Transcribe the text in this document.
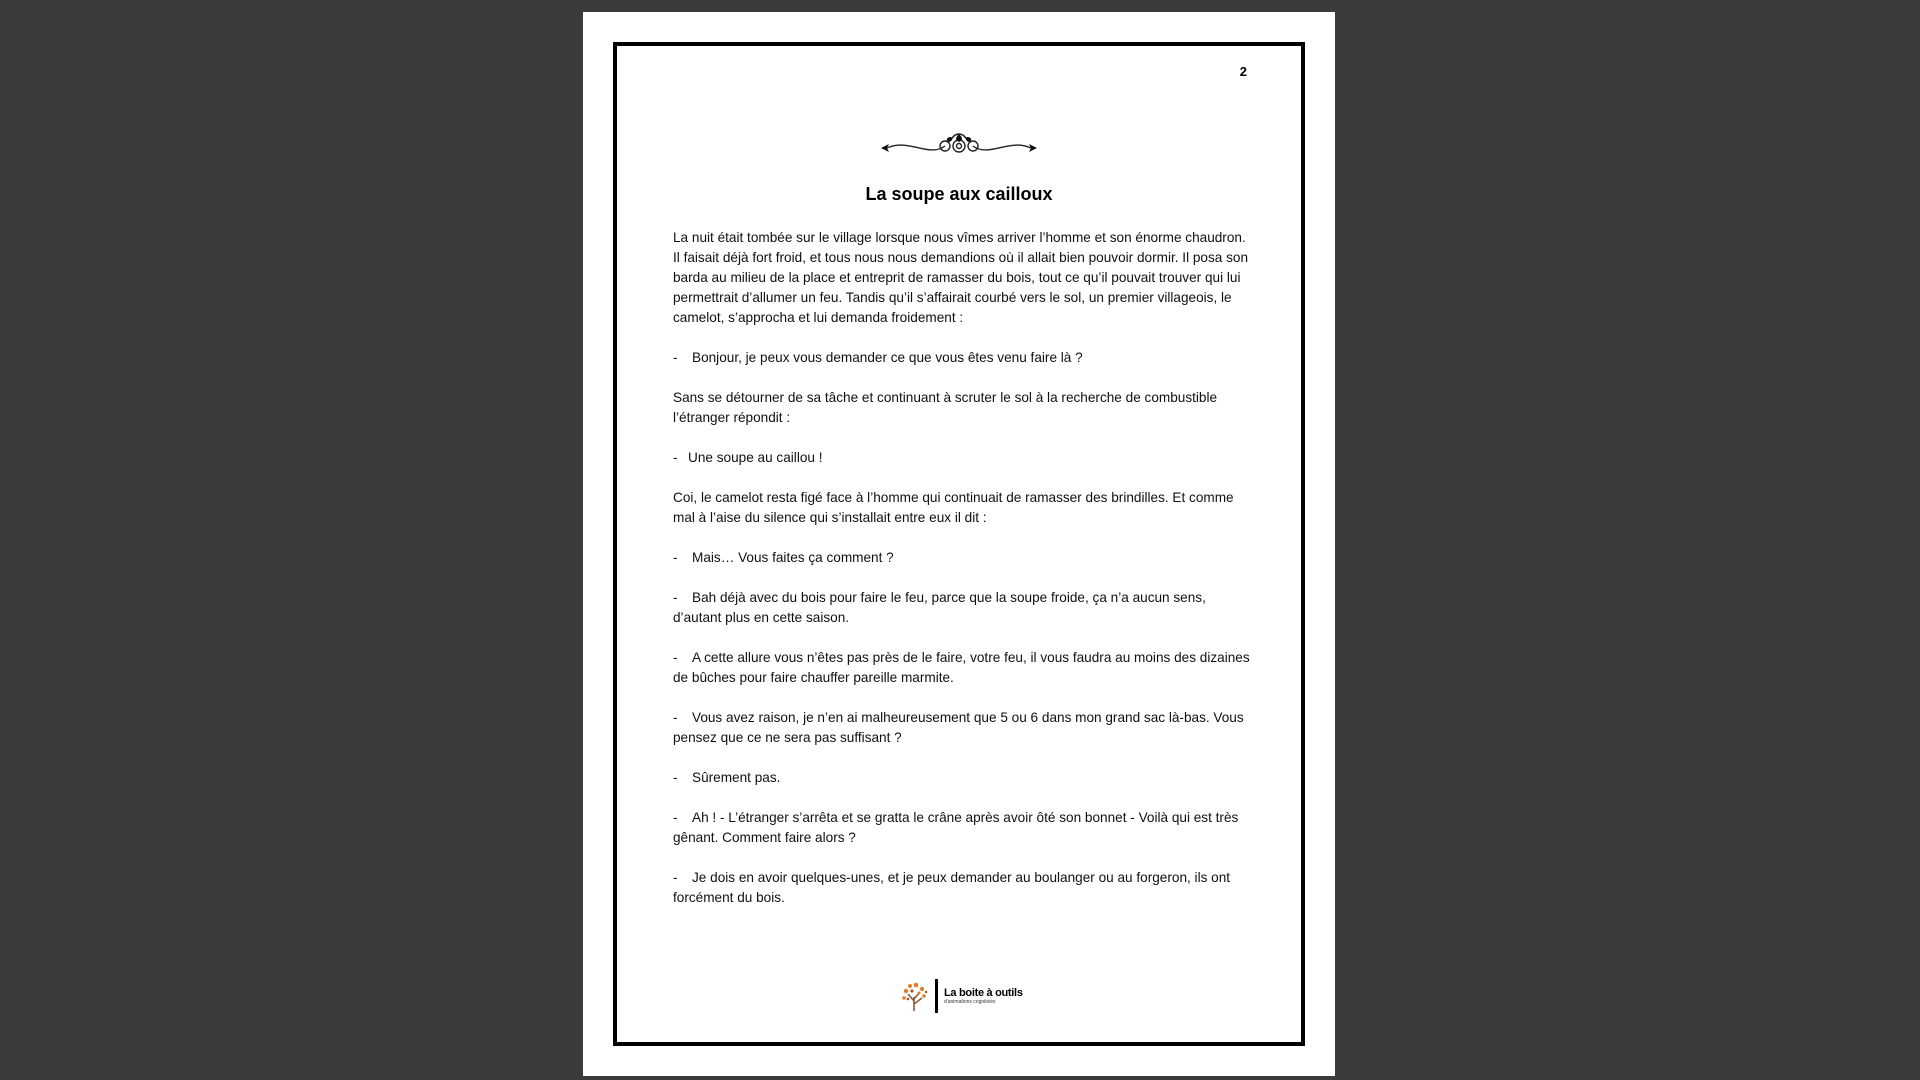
2
La soupe aux cailloux

La nuit était tombée sur le village lorsque nous vîmes arriver l’homme et son énorme chaudron. Il faisait déjà fort froid, et tous nous nous demandions où il allait bien pouvoir dormir. Il posa son barda au milieu de la place et entreprit de ramasser du bois, tout ce qu’il pouvait trouver qui lui permettrait d’allumer un feu. Tandis qu’il s’affairait courbé vers le sol, un premier villageois, le camelot, s’approcha et lui demanda froidement :

- Bonjour, je peux vous demander ce que vous êtes venu faire là ?

Sans se détourner de sa tâche et continuant à scruter le sol à la recherche de combustible l’étranger répondit :

- Une soupe au caillou !

Coi, le camelot resta figé face à l’homme qui continuait de ramasser des brindilles. Et comme mal à l’aise du silence qui s’installait entre eux il dit :

- Mais… Vous faites ça comment ?

- Bah déjà avec du bois pour faire le feu, parce que la soupe froide, ça n’a aucun sens, d’autant plus en cette saison.

- A cette allure vous n’êtes pas près de le faire, votre feu, il vous faudra au moins des dizaines de bûches pour faire chauffer pareille marmite.

- Vous avez raison, je n’en ai malheureusement que 5 ou 6 dans mon grand sac là-bas. Vous pensez que ce ne sera pas suffisant ?

- Sûrement pas.

- Ah ! - L’étranger s’arrêta et se gratta le crâne après avoir ôté son bonnet - Voilà qui est très gênant. Comment faire alors ?

- Je dois en avoir quelques-unes, et je peux demander au boulanger ou au forgeron, ils ont forcément du bois.

La boite à outils
d'animations cognitives
